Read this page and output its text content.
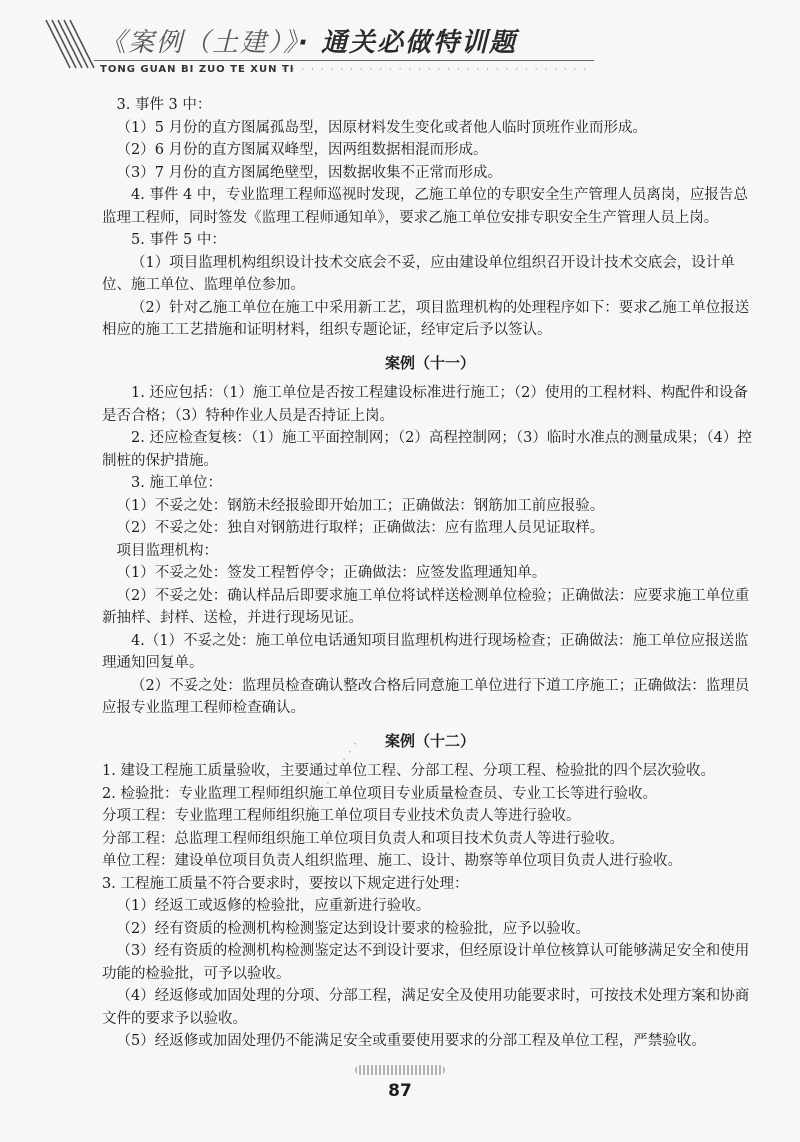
《案例（土建）》· 通关必做特训题
TONG GUAN BI ZUO TE XUN TI
· · · · · · · · · · · · · · · · · · · · · · · · · · · · · · · ·

3. 事件 3 中：

（1）5 月份的直方图属孤岛型，因原材料发生变化或者他人临时顶班作业而形成。

（2）6 月份的直方图属双峰型，因两组数据相混而形成。

（3）7 月份的直方图属绝壁型，因数据收集不正常而形成。

4. 事件 4 中，专业监理工程师巡视时发现，乙施工单位的专职安全生产管理人员离岗，应报告总监理工程师，同时签发《监理工程师通知单》，要求乙施工单位安排专职安全生产管理人员上岗。

5. 事件 5 中：

（1）项目监理机构组织设计技术交底会不妥，应由建设单位组织召开设计技术交底会，设计单位、施工单位、监理单位参加。

（2）针对乙施工单位在施工中采用新工艺，项目监理机构的处理程序如下：要求乙施工单位报送相应的施工工艺措施和证明材料，组织专题论证，经审定后予以签认。

案例（十一）

1. 还应包括：（1）施工单位是否按工程建设标准进行施工；（2）使用的工程材料、构配件和设备是否合格；（3）特种作业人员是否持证上岗。

2. 还应检查复核：（1）施工平面控制网；（2）高程控制网；（3）临时水准点的测量成果；（4）控制桩的保护措施。

3. 施工单位：

（1）不妥之处：钢筋未经报验即开始加工；正确做法：钢筋加工前应报验。

（2）不妥之处：独自对钢筋进行取样；正确做法：应有监理人员见证取样。

项目监理机构：

（1）不妥之处：签发工程暂停令；正确做法：应签发监理通知单。

（2）不妥之处：确认样品后即要求施工单位将试样送检测单位检验；正确做法：应要求施工单位重新抽样、封样、送检，并进行现场见证。

4.（1）不妥之处：施工单位电话通知项目监理机构进行现场检查；正确做法：施工单位应报送监理通知回复单。

（2）不妥之处：监理员检查确认整改合格后同意施工单位进行下道工序施工；正确做法：监理员应报专业监理工程师检查确认。

案例（十二）

1. 建设工程施工质量验收，主要通过单位工程、分部工程、分项工程、检验批的四个层次验收。

2. 检验批：专业监理工程师组织施工单位项目专业质量检查员、专业工长等进行验收。

分项工程：专业监理工程师组织施工单位项目专业技术负责人等进行验收。

分部工程：总监理工程师组织施工单位项目负责人和项目技术负责人等进行验收。

单位工程：建设单位项目负责人组织监理、施工、设计、勘察等单位项目负责人进行验收。

3. 工程施工质量不符合要求时，要按以下规定进行处理：

（1）经返工或返修的检验批，应重新进行验收。

（2）经有资质的检测机构检测鉴定达到设计要求的检验批，应予以验收。

（3）经有资质的检测机构检测鉴定达不到设计要求，但经原设计单位核算认可能够满足安全和使用功能的检验批，可予以验收。

（4）经返修或加固处理的分项、分部工程，满足安全及使用功能要求时，可按技术处理方案和协商文件的要求予以验收。

（5）经返修或加固处理仍不能满足安全或重要使用要求的分部工程及单位工程，严禁验收。

· · · · · · · · · · · · · · ·
87
